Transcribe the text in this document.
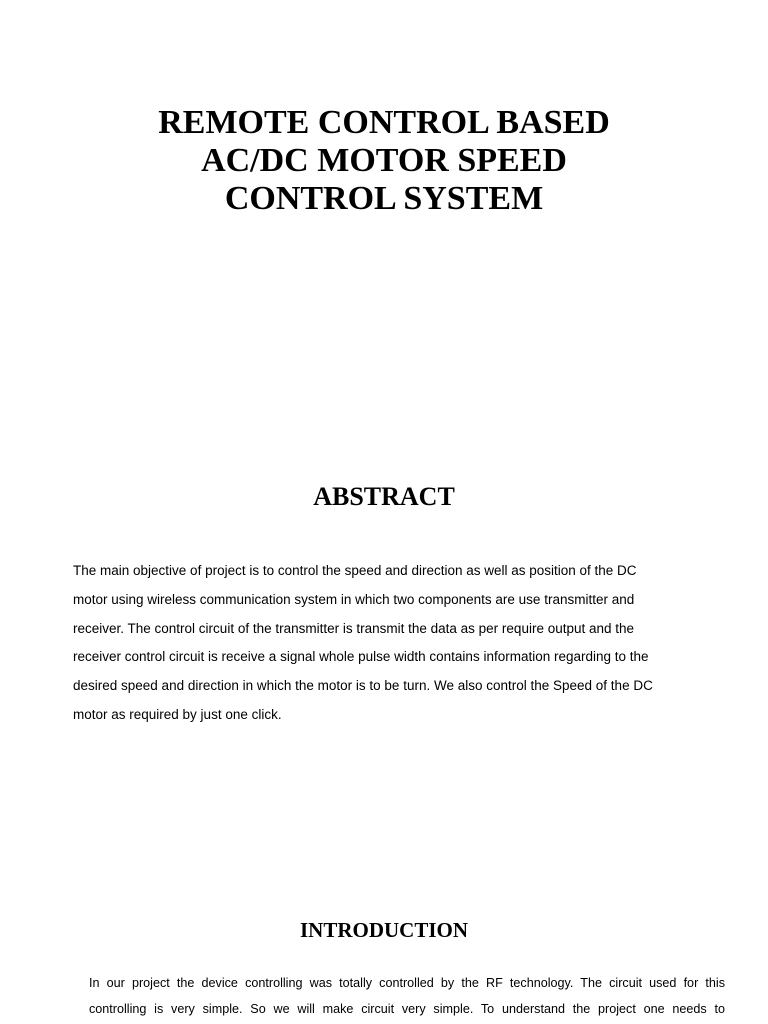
REMOTE CONTROL BASED
AC/DC MOTOR SPEED
CONTROL SYSTEM
ABSTRACT
The main objective of project is to control the speed and direction as well as position of the DC
motor using wireless communication system in which two components are use transmitter and
receiver. The control circuit of the transmitter is transmit the data as per require output and the
receiver control circuit is receive a signal whole pulse width contains information regarding to the
desired speed and direction in which the motor is to be turn. We also control the Speed of the DC
motor as required by just one click.
INTRODUCTION
In our project the device controlling was totally controlled by the RF technology. The circuit used for this
controlling is very simple. So we will make circuit very simple. To understand the project one needs to
